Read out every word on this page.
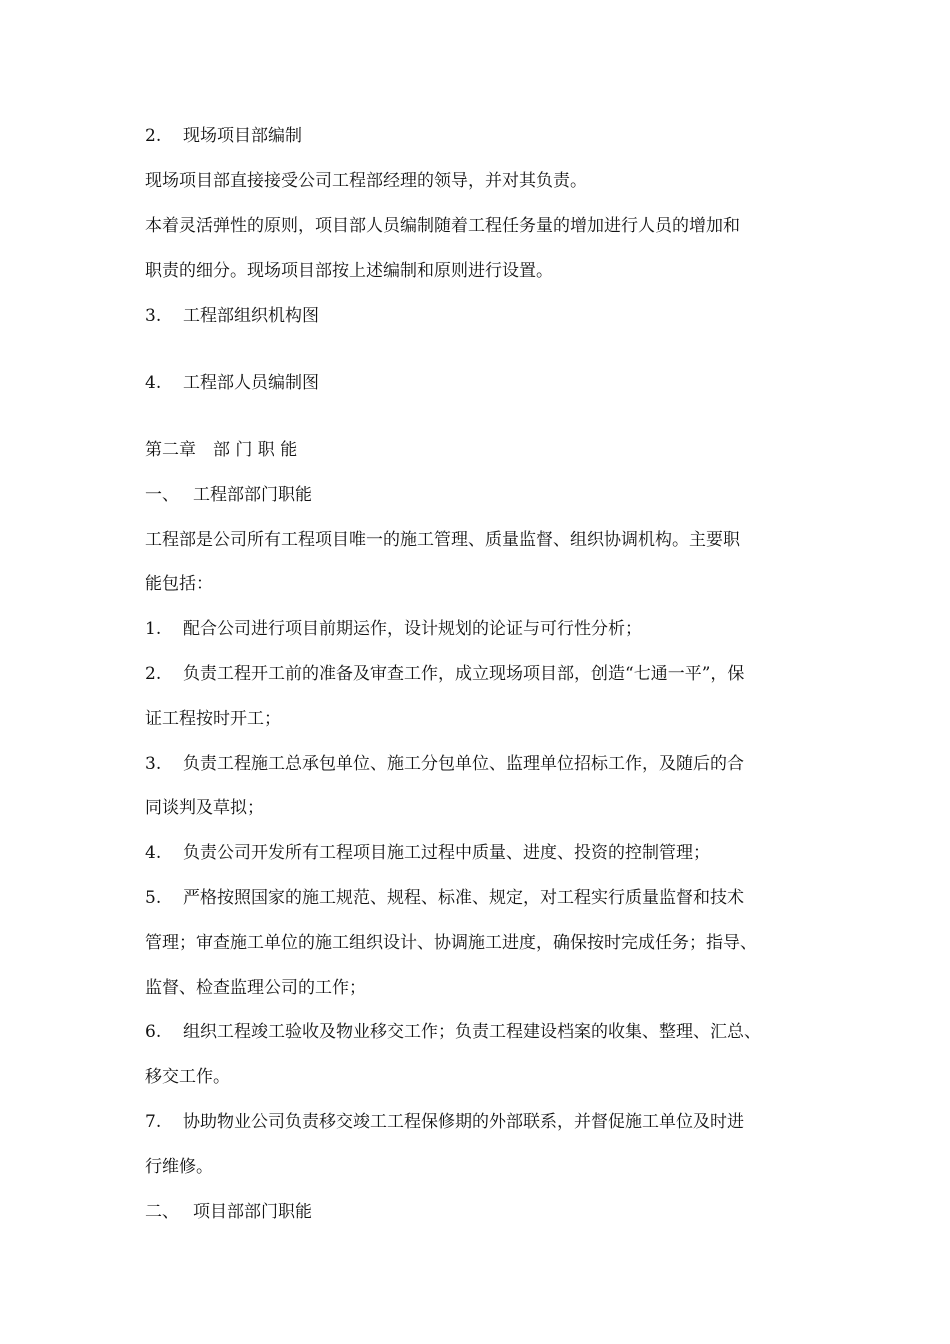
2. 现场项目部编制
现场项目部直接接受公司工程部经理的领导，并对其负责。
本着灵活弹性的原则，项目部人员编制随着工程任务量的增加进行人员的增加和
职责的细分。现场项目部按上述编制和原则进行设置。
3. 工程部组织机构图
4. 工程部人员编制图
第二章　部 门 职 能
一、 工程部部门职能
工程部是公司所有工程项目唯一的施工管理、质量监督、组织协调机构。主要职
能包括：
1. 配合公司进行项目前期运作，设计规划的论证与可行性分析；
2. 负责工程开工前的准备及审查工作，成立现场项目部，创造“七通一平”，保
证工程按时开工；
3. 负责工程施工总承包单位、施工分包单位、监理单位招标工作，及随后的合
同谈判及草拟；
4. 负责公司开发所有工程项目施工过程中质量、进度、投资的控制管理；
5. 严格按照国家的施工规范、规程、标准、规定，对工程实行质量监督和技术
管理；审查施工单位的施工组织设计、协调施工进度，确保按时完成任务；指导、
监督、检查监理公司的工作；
6. 组织工程竣工验收及物业移交工作；负责工程建设档案的收集、整理、汇总、
移交工作。
7. 协助物业公司负责移交竣工工程保修期的外部联系，并督促施工单位及时进
行维修。
二、 项目部部门职能
